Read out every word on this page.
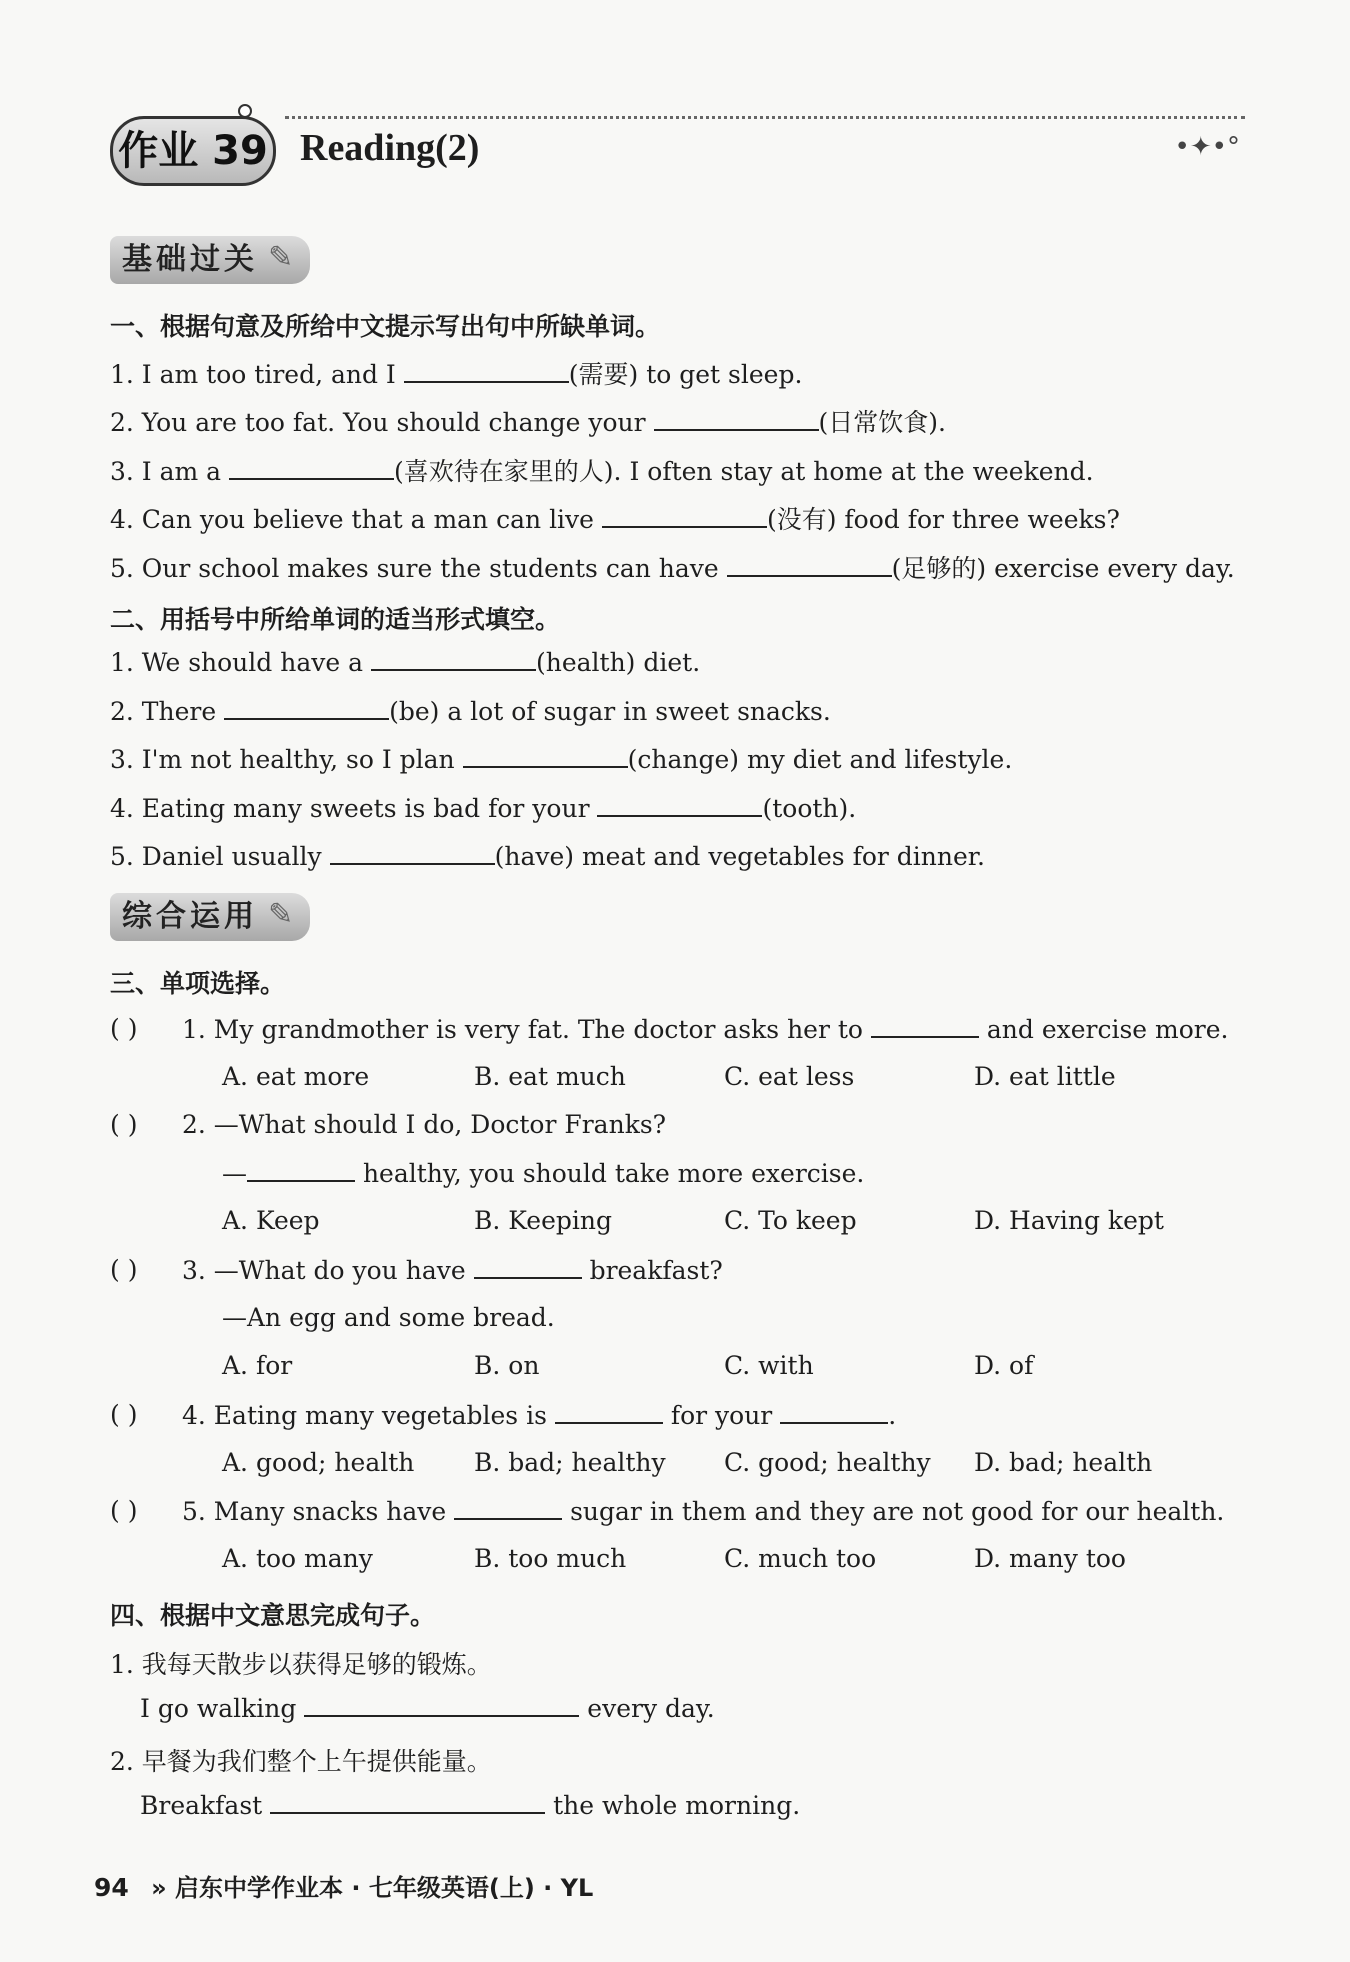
作业 39 Reading(2)	•✦•°
基础过关 ✎
一、根据句意及所给中文提示写出句中所缺单词。
1. I am too tired, and I	(需要) to get sleep.
2. You are too fat. You should change your	(日常饮食).
3. I am a	(喜欢待在家里的人). I often stay at home at the weekend.
4. Can you believe that a man can live	(没有) food for three weeks?
5. Our school makes sure the students can have	(足够的) exercise every day.
二、用括号中所给单词的适当形式填空。
1. We should have a	(health) diet.
2. There	(be) a lot of sugar in sweet snacks.
3. I'm not healthy, so I plan	(change) my diet and lifestyle.
4. Eating many sweets is bad for your	(tooth).
5. Daniel usually	(have) meat and vegetables for dinner.
综合运用 ✎
三、单项选择。
( ) 1. My grandmother is very fat. The doctor asks her to	and exercise more.
A. eat more	B. eat much	C. eat less	D. eat little
( ) 2. —What should I do, Doctor Franks?
—	healthy, you should take more exercise.
A. Keep	B. Keeping	C. To keep	D. Having kept
( ) 3. —What do you have	breakfast?
—An egg and some bread.
A. for	B. on	C. with	D. of
( ) 4. Eating many vegetables is	for your	.
A. good; health B. bad; healthy C. good; healthy D. bad; health
( ) 5. Many snacks have	sugar in them and they are not good for our health.
A. too many	B. too much	C. much too	D. many too
四、根据中文意思完成句子。
1. 我每天散步以获得足够的锻炼。
I go walking	every day.
2. 早餐为我们整个上午提供能量。
Breakfast	the whole morning.
94 » 启东中学作业本 · 七年级英语(上) · YL
